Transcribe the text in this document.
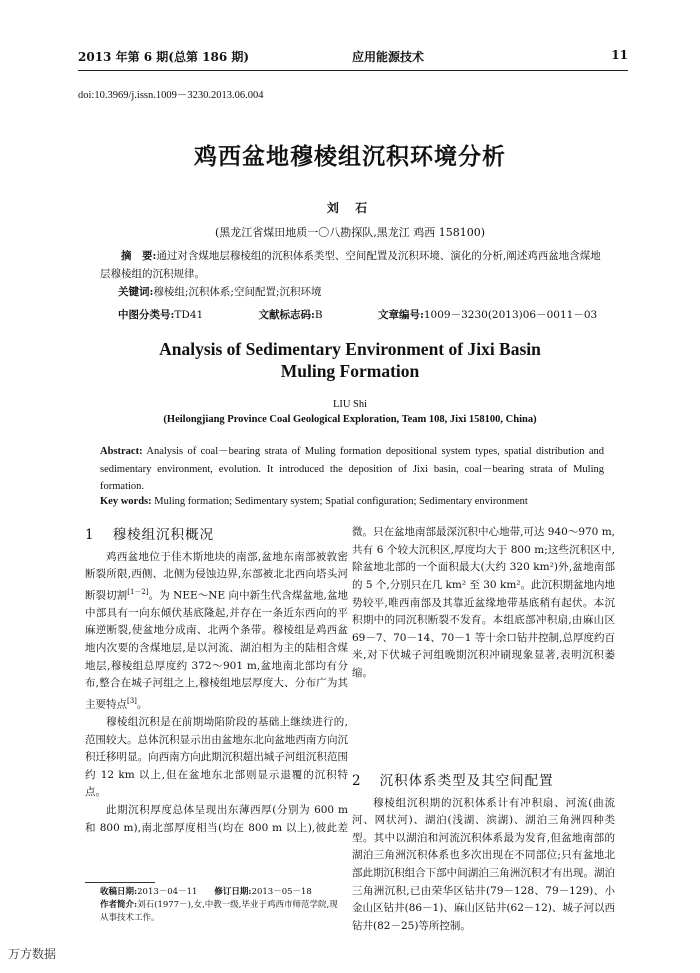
2013 年第 6 期(总第 186 期)	应用能源技术	11
doi:10.3969/j.issn.1009－3230.2013.06.004
鸡西盆地穆棱组沉积环境分析
刘 石
(黑龙江省煤田地质一〇八勘探队,黑龙江 鸡西 158100)
摘　要:通过对含煤地层穆棱组的沉积体系类型、空间配置及沉积环境、演化的分析,阐述鸡西盆地含煤地层穆棱组的沉积规律。
关键词:穆棱组;沉积体系;空间配置;沉积环境
中图分类号:TD41	文献标志码:B	文章编号:1009－3230(2013)06－0011－03
Analysis of Sedimentary Environment of Jixi Basin Muling Formation
LIU Shi
(Heilongjiang Province Coal Geological Exploration, Team 108, Jixi 158100, China)
Abstract: Analysis of coal－bearing strata of Muling formation depositional system types, spatial distribution and sedimentary environment, evolution. It introduced the deposition of Jixi basin, coal－bearing strata of Muling formation.
Key words: Muling formation; Sedimentary system; Spatial configuration; Sedimentary environment
1 穆棱组沉积概况

鸡西盆地位于佳木斯地块的南部,盆地东南部被敦密断裂所限,西侧、北侧为侵蚀边界,东部被北北西向塔头河断裂切割[1－2]。为 NEE～NE 向中新生代含煤盆地,盆地中部具有一向东倾伏基底隆起,并存在一条近东西向的平麻逆断裂,使盆地分成南、北两个条带。穆棱组是鸡西盆地内次要的含煤地层,是以河流、湖泊相为主的陆相含煤地层,穆棱组总厚度约 372～901 m,盆地南北部均有分布,整合在城子河组之上,穆棱组地层厚度大、分布广为其主要特点[3]。

穆棱组沉积是在前期坳陷阶段的基础上继续进行的,范围较大。总体沉积显示出由盆地东北向盆地西南方向沉积迁移明显。向西南方向此期沉积超出城子河组沉积范围约 12 km 以上,但在盆地东北部则显示退覆的沉积特点。

此期沉积厚度总体呈现出东薄西厚(分别为 600 m 和 800 m),南北部厚度相当(均在 800 m 以上),彼此差

微。只在盆地南部最深沉积中心地带,可达 940～970 m,共有 6 个较大沉积区,厚度均大于 800 m;这些沉积区中,除盆地北部的一个面积最大(大约 320 km²)外,盆地南部的 5 个,分别只在几 km² 至 30 km²。此沉积期盆地内地势较平,唯西南部及其靠近盆缘地带基底稍有起伏。本沉积期中的同沉积断裂不发育。本组底部冲积扇,由麻山区 69－7、70－14、70－1 等十余口钻井控制,总厚度约百米,对下伏城子河组晚期沉积冲刷现象显著,表明沉积萎缩。

2 沉积体系类型及其空间配置

穆棱组沉积期的沉积体系计有冲积扇、河流(曲流河、网状河)、湖泊(浅湖、滨湖)、湖泊三角洲四种类型。其中以湖泊和河流沉积体系最为发育,但盆地南部的湖泊三角洲沉积体系也多次出现在不同部位;只有盆地北部此期沉积组合下部中间湖泊三角洲沉积才有出现。湖泊三角洲沉积,已由荣华区钻井(79－128、79－129)、小金山区钻井(86－1)、麻山区钻井(62－12)、城子河以西钻井(82－25)等所控制。

收稿日期:2013－04－11　　 修订日期:2013－05－18
作者简介:刘石(1977－),女,中教一级,毕业于鸡西市师范学院,现从事技术工作。
万方数据
